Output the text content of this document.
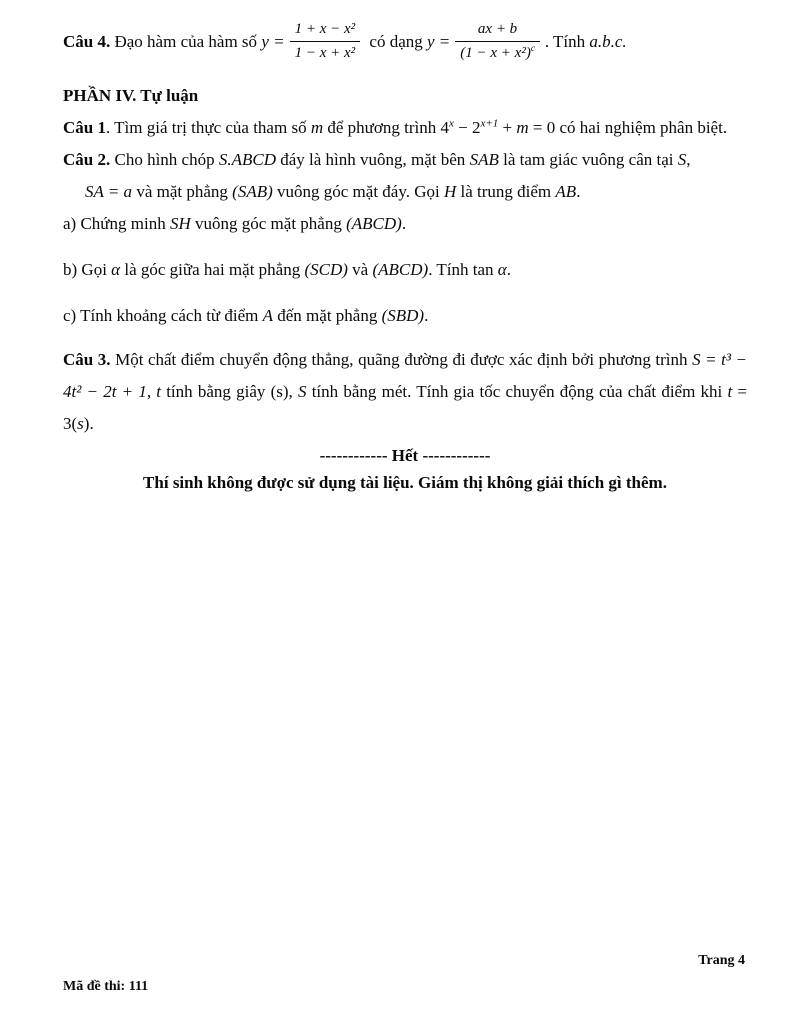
Câu 4. Đạo hàm của hàm số $y = \frac{\text{1 + x − x²}}{\text{1 − x + x²}}$ có dạng $y = \frac{ax + b}{(1 - x + x^2)^c}$ . Tính a.b.c.
PHẦN IV. Tự luận
Câu 1. Tìm giá trị thực của tham số m để phương trình $4^x - 2^{x+1} + m = 0$ có hai nghiệm phân biệt.
Câu 2. Cho hình chóp S.ABCD đáy là hình vuông, mặt bên SAB là tam giác vuông cân tại S,
SA = a và mặt phẳng (SAB) vuông góc mặt đáy. Gọi H là trung điểm AB.
a) Chứng minh SH vuông góc mặt phẳng (ABCD).
b) Gọi α là góc giữa hai mặt phẳng (SCD) và (ABCD). Tính tan α.
c) Tính khoảng cách từ điểm A đến mặt phẳng (SBD).
Câu 3. Một chất điểm chuyển động thẳng, quãng đường đi được xác định bởi phương trình S = t³ − 4t² − 2t + 1, t tính bằng giây (s), S tính bằng mét. Tính gia tốc chuyển động của chất điểm khi t = 3(s).
------------ Hết ------------
Thí sinh không được sử dụng tài liệu. Giám thị không giải thích gì thêm.
Trang 4
Mã đề thi: 111
